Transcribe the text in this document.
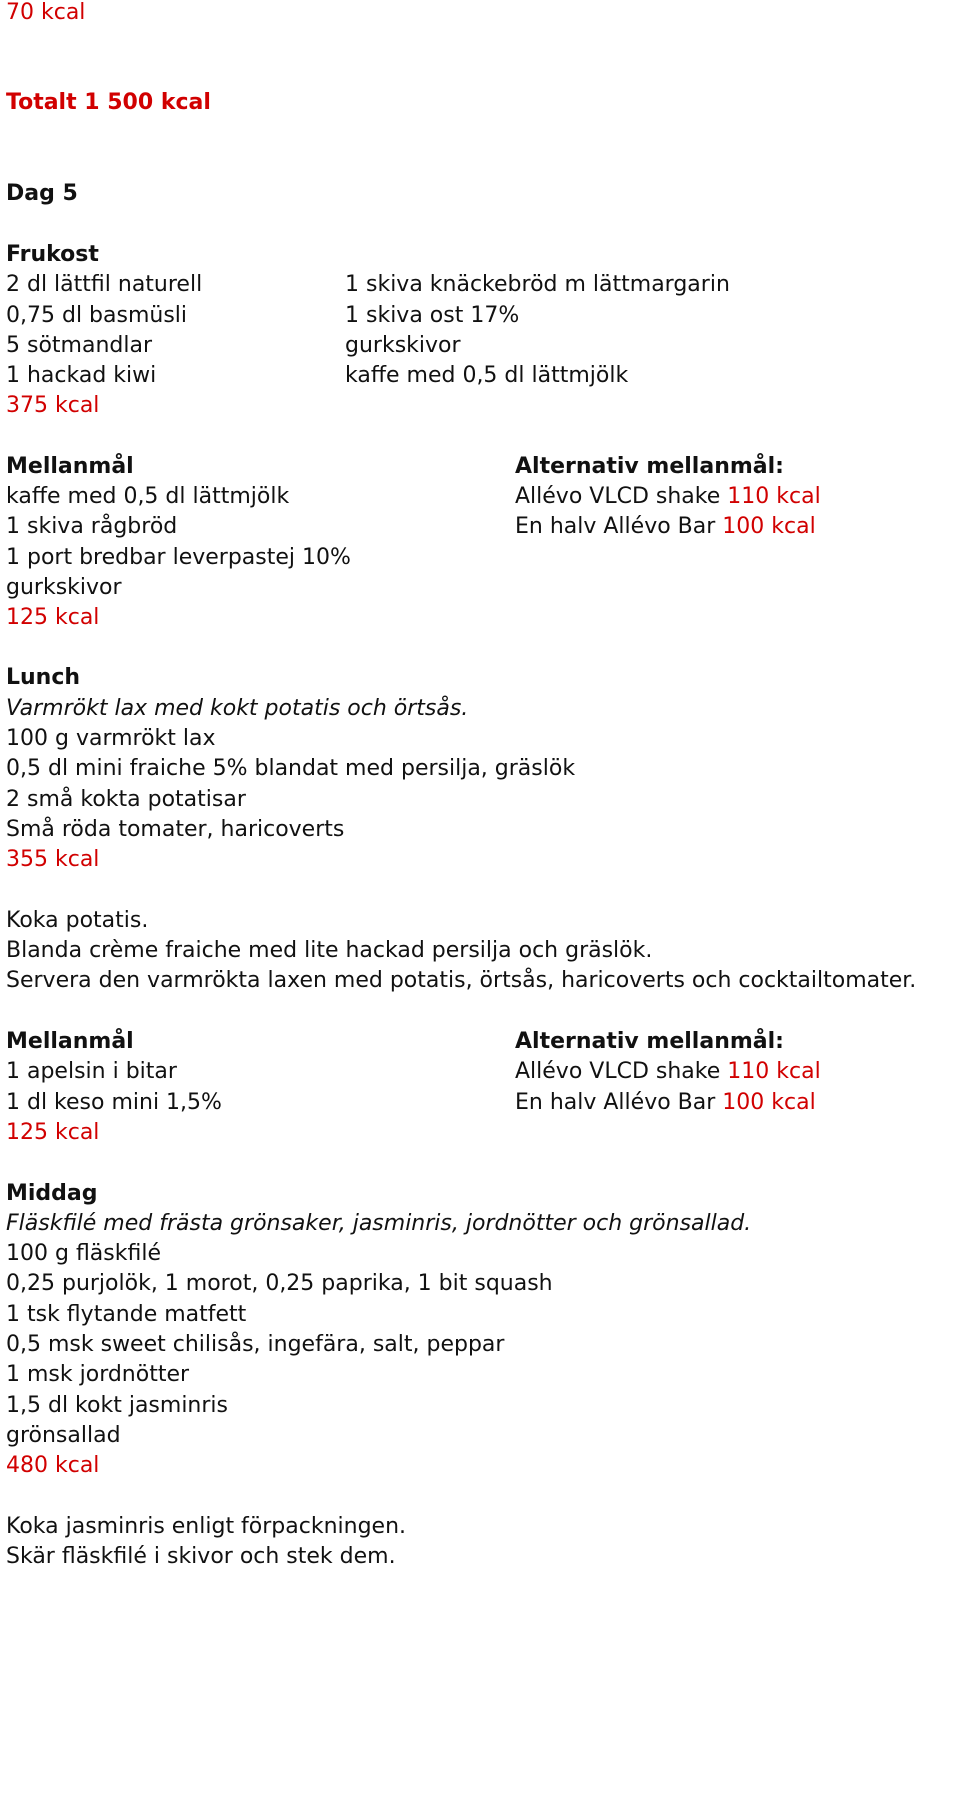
70 kcal
Totalt 1 500 kcal
Dag 5
Frukost
2 dl lättfil naturell
0,75 dl basmüsli
5 sötmandlar
1 hackad kiwi
1 skiva knäckebröd m lättmargarin
1 skiva ost 17%
gurkskivor
kaffe med 0,5 dl lättmjölk
375 kcal
Mellanmål
kaffe med 0,5 dl lättmjölk
1 skiva rågbröd
1 port bredbar leverpastej 10%
gurkskivor
125 kcal
Alternativ mellanmål:
Allévo VLCD shake 110 kcal
En halv Allévo Bar 100 kcal
Lunch
Varmrökt lax med kokt potatis och örtsås.
100 g varmrökt lax
0,5 dl mini fraiche 5% blandat med persilja, gräslök
2 små kokta potatisar
Små röda tomater, haricoverts
355 kcal
Koka potatis.
Blanda crème fraiche med lite hackad persilja och gräslök.
Servera den varmrökta laxen med potatis, örtsås, haricoverts och cocktailtomater.
Mellanmål
1 apelsin i bitar
1 dl keso mini 1,5%
125 kcal
Alternativ mellanmål:
Allévo VLCD shake 110 kcal
En halv Allévo Bar 100 kcal
Middag
Fläskfilé med frästa grönsaker, jasminris, jordnötter och grönsallad.
100 g fläskfilé
0,25 purjolök, 1 morot, 0,25 paprika, 1 bit squash
1 tsk flytande matfett
0,5 msk sweet chilisås, ingefära, salt, peppar
1 msk jordnötter
1,5 dl kokt jasminris
grönsallad
480 kcal
Koka jasminris enligt förpackningen.
Skär fläskfilé i skivor och stek dem.
